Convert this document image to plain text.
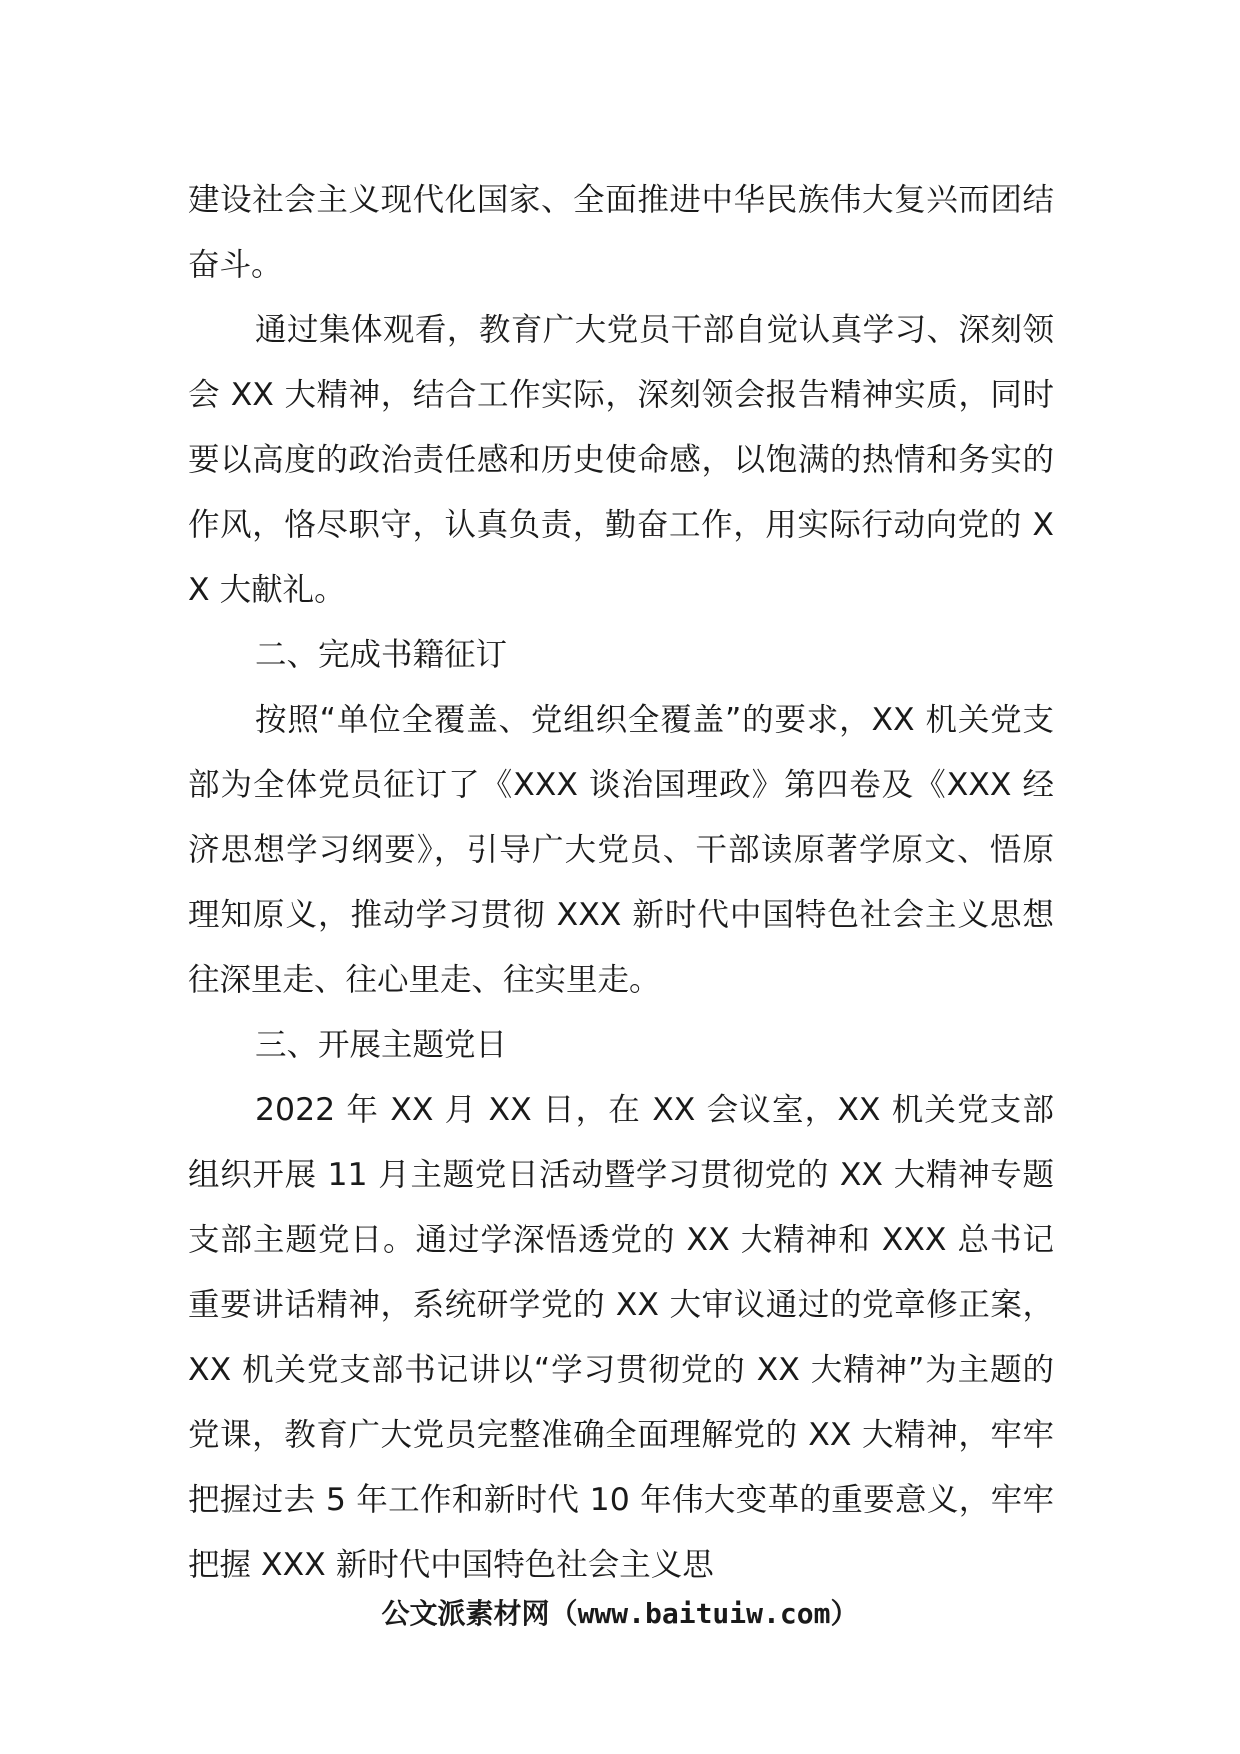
建设社会主义现代化国家、全面推进中华民族伟大复兴而团结奋斗。

通过集体观看，教育广大党员干部自觉认真学习、深刻领会 XX 大精神，结合工作实际，深刻领会报告精神实质，同时要以高度的政治责任感和历史使命感，以饱满的热情和务实的作风，恪尽职守，认真负责，勤奋工作，用实际行动向党的 XX 大献礼。

二、完成书籍征订

按照“单位全覆盖、党组织全覆盖”的要求，XX 机关党支部为全体党员征订了《XXX 谈治国理政》第四卷及《XXX 经济思想学习纲要》，引导广大党员、干部读原著学原文、悟原理知原义，推动学习贯彻 XXX 新时代中国特色社会主义思想往深里走、往心里走、往实里走。

三、开展主题党日

2022 年 XX 月 XX 日，在 XX 会议室，XX 机关党支部组织开展 11 月主题党日活动暨学习贯彻党的 XX 大精神专题支部主题党日。通过学深悟透党的 XX 大精神和 XXX 总书记重要讲话精神，系统研学党的 XX 大审议通过的党章修正案，XX 机关党支部书记讲以“学习贯彻党的 XX 大精神”为主题的党课，教育广大党员完整准确全面理解党的 XX 大精神，牢牢把握过去 5 年工作和新时代 10 年伟大变革的重要意义，牢牢把握 XXX 新时代中国特色社会主义思

公文派素材网（www.baituiw.com）
